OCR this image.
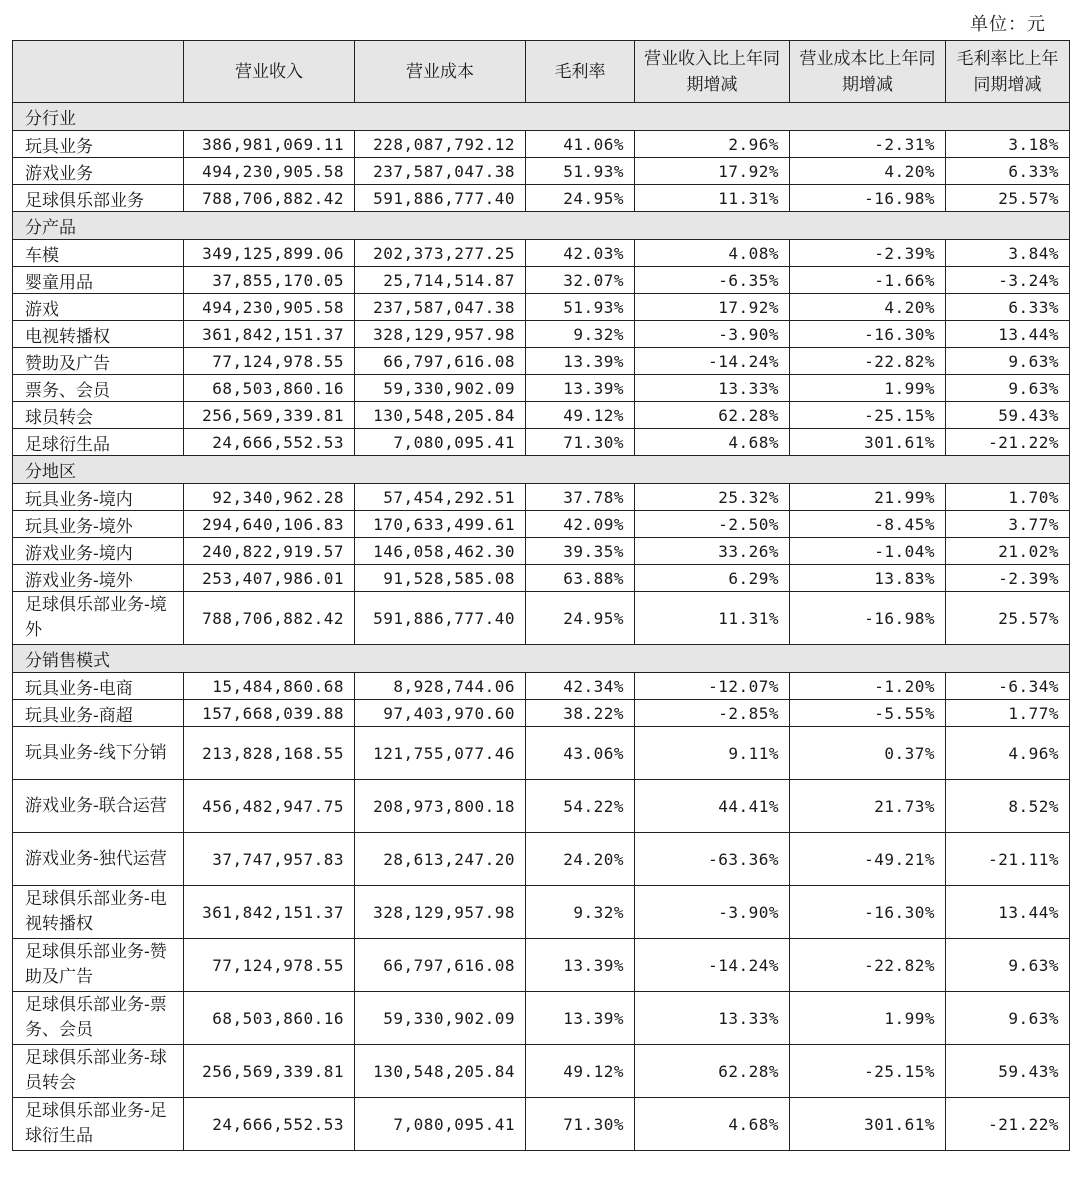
单位：元
	营业收入	营业成本	毛利率	营业收入比上年同期增减	营业成本比上年同期增减	毛利率比上年同期增减
分行业						
玩具业务	386,981,069.11	228,087,792.12	41.06%	2.96%	-2.31%	3.18%
游戏业务	494,230,905.58	237,587,047.38	51.93%	17.92%	4.20%	6.33%
足球俱乐部业务	788,706,882.42	591,886,777.40	24.95%	11.31%	-16.98%	25.57%
分产品						
车模	349,125,899.06	202,373,277.25	42.03%	4.08%	-2.39%	3.84%
婴童用品	37,855,170.05	25,714,514.87	32.07%	-6.35%	-1.66%	-3.24%
游戏	494,230,905.58	237,587,047.38	51.93%	17.92%	4.20%	6.33%
电视转播权	361,842,151.37	328,129,957.98	9.32%	-3.90%	-16.30%	13.44%
赞助及广告	77,124,978.55	66,797,616.08	13.39%	-14.24%	-22.82%	9.63%
票务、会员	68,503,860.16	59,330,902.09	13.39%	13.33%	1.99%	9.63%
球员转会	256,569,339.81	130,548,205.84	49.12%	62.28%	-25.15%	59.43%
足球衍生品	24,666,552.53	7,080,095.41	71.30%	4.68%	301.61%	-21.22%
分地区						
玩具业务-境内	92,340,962.28	57,454,292.51	37.78%	25.32%	21.99%	1.70%
玩具业务-境外	294,640,106.83	170,633,499.61	42.09%	-2.50%	-8.45%	3.77%
游戏业务-境内	240,822,919.57	146,058,462.30	39.35%	33.26%	-1.04%	21.02%
游戏业务-境外	253,407,986.01	91,528,585.08	63.88%	6.29%	13.83%	-2.39%
足球俱乐部业务-境外	788,706,882.42	591,886,777.40	24.95%	11.31%	-16.98%	25.57%
分销售模式						
玩具业务-电商	15,484,860.68	8,928,744.06	42.34%	-12.07%	-1.20%	-6.34%
玩具业务-商超	157,668,039.88	97,403,970.60	38.22%	-2.85%	-5.55%	1.77%
玩具业务-线下分销	213,828,168.55	121,755,077.46	43.06%	9.11%	0.37%	4.96%
游戏业务-联合运营	456,482,947.75	208,973,800.18	54.22%	44.41%	21.73%	8.52%
游戏业务-独代运营	37,747,957.83	28,613,247.20	24.20%	-63.36%	-49.21%	-21.11%
足球俱乐部业务-电视转播权	361,842,151.37	328,129,957.98	9.32%	-3.90%	-16.30%	13.44%
足球俱乐部业务-赞助及广告	77,124,978.55	66,797,616.08	13.39%	-14.24%	-22.82%	9.63%
足球俱乐部业务-票务、会员	68,503,860.16	59,330,902.09	13.39%	13.33%	1.99%	9.63%
足球俱乐部业务-球员转会	256,569,339.81	130,548,205.84	49.12%	62.28%	-25.15%	59.43%
足球俱乐部业务-足球衍生品	24,666,552.53	7,080,095.41	71.30%	4.68%	301.61%	-21.22%
